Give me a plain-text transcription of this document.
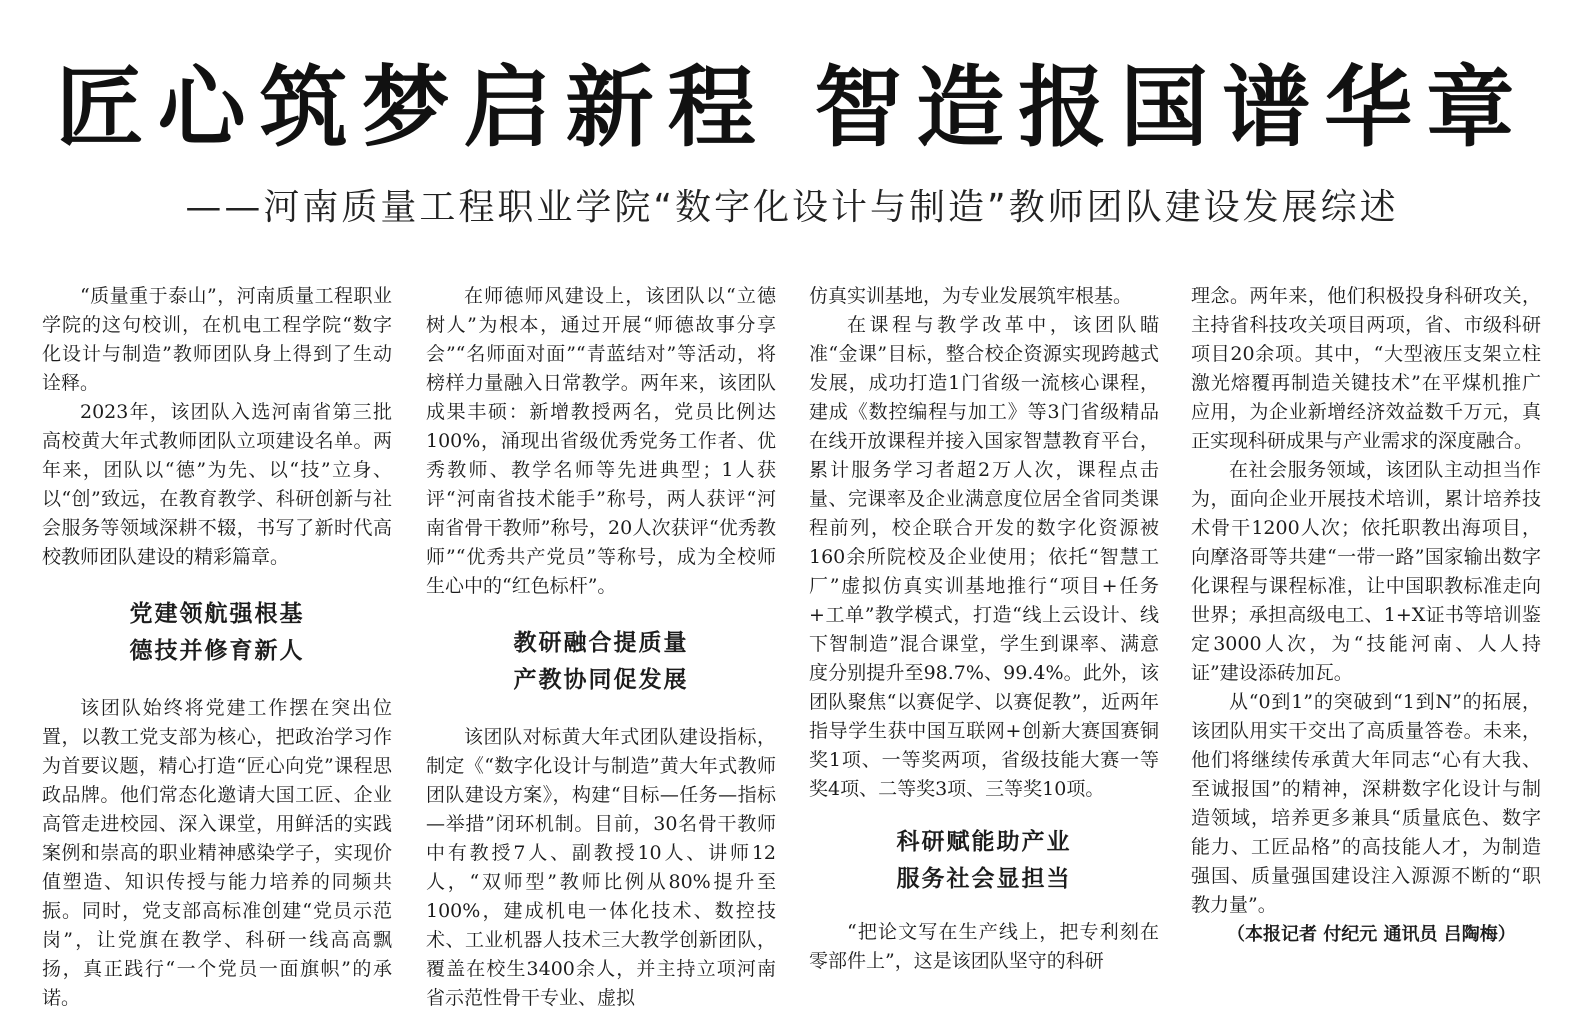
匠心筑梦启新程 智造报国谱华章
——河南质量工程职业学院“数字化设计与制造”教师团队建设发展综述

“质量重于泰山”，河南质量工程职业学院的这句校训，在机电工程学院“数字化设计与制造”教师团队身上得到了生动诠释。

2023年，该团队入选河南省第三批高校黄大年式教师团队立项建设名单。两年来，团队以“德”为先、以“技”立身、以“创”致远，在教育教学、科研创新与社会服务等领域深耕不辍，书写了新时代高校教师团队建设的精彩篇章。

党建领航强根基
德技并修育新人

该团队始终将党建工作摆在突出位置，以教工党支部为核心，把政治学习作为首要议题，精心打造“匠心向党”课程思政品牌。他们常态化邀请大国工匠、企业高管走进校园、深入课堂，用鲜活的实践案例和崇高的职业精神感染学子，实现价值塑造、知识传授与能力培养的同频共振。同时，党支部高标准创建“党员示范岗”，让党旗在教学、科研一线高高飘扬，真正践行“一个党员一面旗帜”的承诺。

在师德师风建设上，该团队以“立德树人”为根本，通过开展“师德故事分享会”“名师面对面”“青蓝结对”等活动，将榜样力量融入日常教学。两年来，该团队成果丰硕：新增教授两名，党员比例达100%，涌现出省级优秀党务工作者、优秀教师、教学名师等先进典型；1人获评“河南省技术能手”称号，两人获评“河南省骨干教师”称号，20人次获评“优秀教师”“优秀共产党员”等称号，成为全校师生心中的“红色标杆”。

教研融合提质量
产教协同促发展

该团队对标黄大年式团队建设指标，制定《“数字化设计与制造”黄大年式教师团队建设方案》，构建“目标—任务—指标—举措”闭环机制。目前，30名骨干教师中有教授7人、副教授10人、讲师12人，“双师型”教师比例从80%提升至100%，建成机电一体化技术、数控技术、工业机器人技术三大教学创新团队，覆盖在校生3400余人，并主持立项河南省示范性骨干专业、虚拟

仿真实训基地，为专业发展筑牢根基。

在课程与教学改革中，该团队瞄准“金课”目标，整合校企资源实现跨越式发展，成功打造1门省级一流核心课程，建成《数控编程与加工》等3门省级精品在线开放课程并接入国家智慧教育平台，累计服务学习者超2万人次，课程点击量、完课率及企业满意度位居全省同类课程前列，校企联合开发的数字化资源被160余所院校及企业使用；依托“智慧工厂”虚拟仿真实训基地推行“项目+任务+工单”教学模式，打造“线上云设计、线下智制造”混合课堂，学生到课率、满意度分别提升至98.7%、99.4%。此外，该团队聚焦“以赛促学、以赛促教”，近两年指导学生获中国互联网+创新大赛国赛铜奖1项、一等奖两项，省级技能大赛一等奖4项、二等奖3项、三等奖10项。

科研赋能助产业
服务社会显担当

“把论文写在生产线上，把专利刻在零部件上”，这是该团队坚守的科研

理念。两年来，他们积极投身科研攻关，主持省科技攻关项目两项，省、市级科研项目20余项。其中，“大型液压支架立柱激光熔覆再制造关键技术”在平煤机推广应用，为企业新增经济效益数千万元，真正实现科研成果与产业需求的深度融合。

在社会服务领域，该团队主动担当作为，面向企业开展技术培训，累计培养技术骨干1200人次；依托职教出海项目，向摩洛哥等共建“一带一路”国家输出数字化课程与课程标准，让中国职教标准走向世界；承担高级电工、1+X证书等培训鉴定3000人次，为“技能河南、人人持证”建设添砖加瓦。

从“0到1”的突破到“1到N”的拓展，该团队用实干交出了高质量答卷。未来，他们将继续传承黄大年同志“心有大我、至诚报国”的精神，深耕数字化设计与制造领域，培养更多兼具“质量底色、数字能力、工匠品格”的高技能人才，为制造强国、质量强国建设注入源源不断的“职教力量”。

（本报记者 付纪元 通讯员 吕陶梅）
